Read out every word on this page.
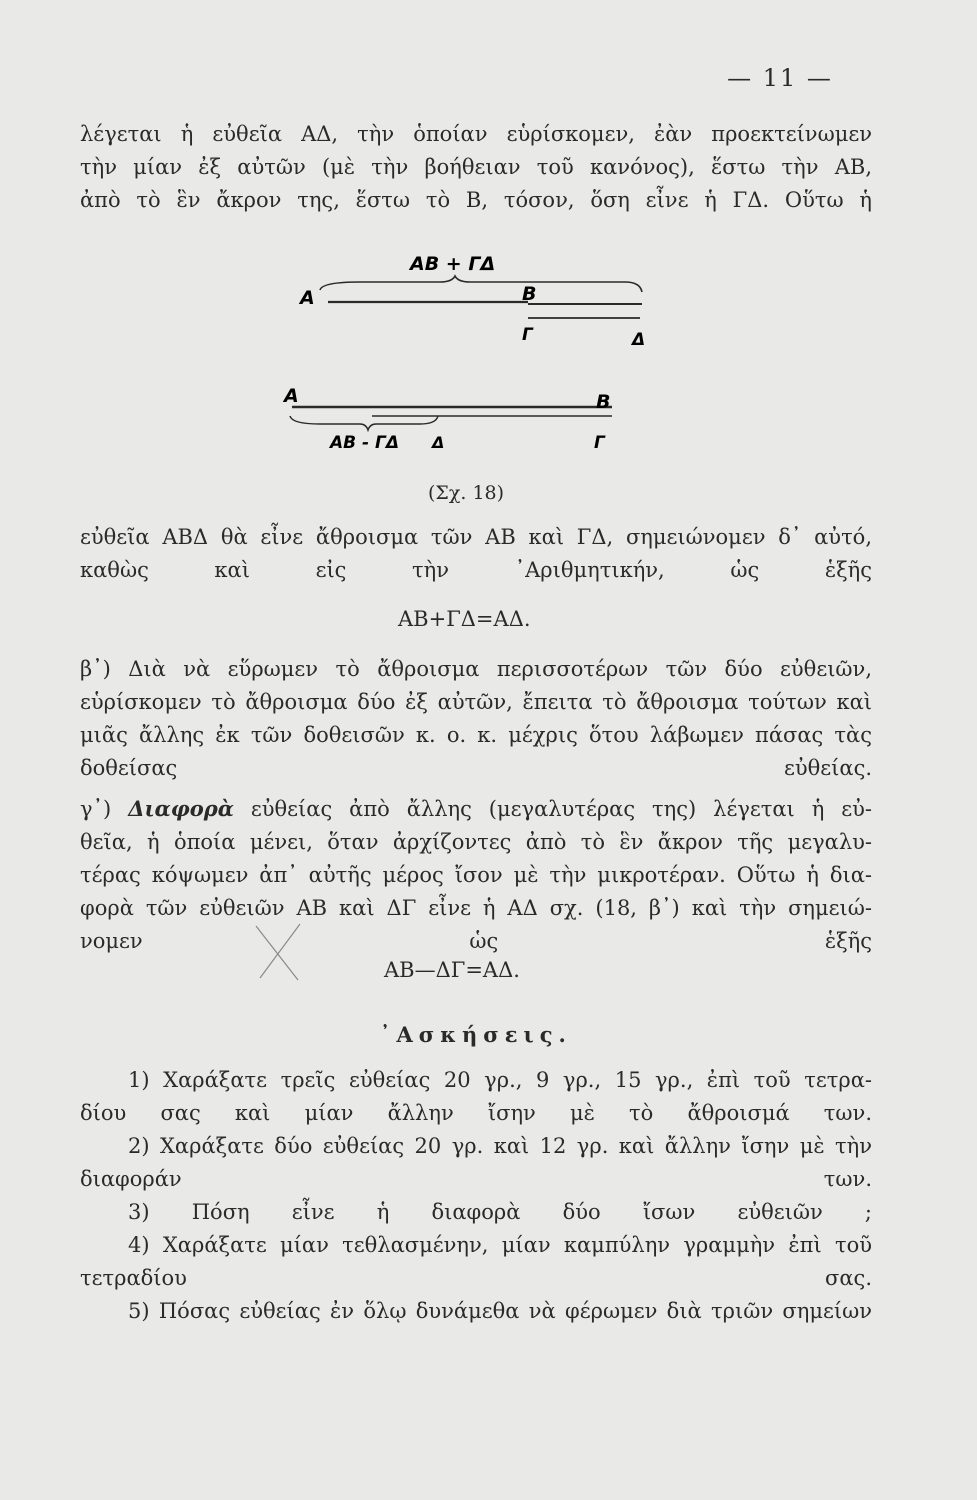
— 11 —
λέγεται ἡ εὐθεῖα ΑΔ, τὴν ὁποίαν εὑρίσκομεν, ἐὰν προεκτείνωμεν
τὴν μίαν ἐξ αὐτῶν (μὲ τὴν βοήθειαν τοῦ κανόνος), ἕστω τὴν ΑΒ,
ἀπὸ τὸ ἓν ἄκρον της, ἕστω τὸ Β, τόσον, ὅση εἶνε ἡ ΓΔ. Οὕτω ἡ
AB + ΓΔ
A	B
Γ	Δ
A	B
AB - ΓΔ Δ	Γ
(Σχ. 18)
εὐθεῖα ΑΒΔ θὰ εἶνε ἄθροισμα τῶν ΑΒ καὶ ΓΔ, σημειώνομεν δ᾽ αὐτό,
καθὼς καὶ εἰς τὴν ᾽Αριθμητικήν, ὡς ἑξῆς
ΑΒ+ΓΔ=ΑΔ.
β᾽) Διὰ νὰ εὕρωμεν τὸ ἄθροισμα περισσοτέρων τῶν δύο εὐθειῶν,
εὑρίσκομεν τὸ ἄθροισμα δύο ἐξ αὐτῶν, ἔπειτα τὸ ἄθροισμα τούτων καὶ
μιᾶς ἄλλης ἐκ τῶν δοθεισῶν κ. ο. κ. μέχρις ὅτου λάβωμεν πάσας τὰς
δοθείσας εὐθείας.
γ᾽) Διαφορὰ εὐθείας ἀπὸ ἄλλης (μεγαλυτέρας της) λέγεται ἡ εὐ-
θεῖα, ἡ ὁποία μένει, ὅταν ἀρχίζοντες ἀπὸ τὸ ἓν ἄκρον τῆς μεγαλυ-
τέρας κόψωμεν ἀπ᾽ αὐτῆς μέρος ἴσον μὲ τὴν μικροτέραν. Οὕτω ἡ δια-
φορὰ τῶν εὐθειῶν ΑΒ καὶ ΔΓ εἶνε ἡ ΑΔ σχ. (18, β᾽) καὶ τὴν σημειώ-
νομεν ὡς ἑξῆς
ΑΒ—ΔΓ=ΑΔ.
᾽Ασκήσεις.
1) Χαράξατε τρεῖς εὐθείας 20 γρ., 9 γρ., 15 γρ., ἐπὶ τοῦ τετρα-
δίου σας καὶ μίαν ἄλλην ἴσην μὲ τὸ ἄθροισμά των.
2) Χαράξατε δύο εὐθείας 20 γρ. καὶ 12 γρ. καὶ ἄλλην ἴσην μὲ τὴν
διαφοράν των.
3) Πόση εἶνε ἡ διαφορὰ δύο ἴσων εὐθειῶν ;
4) Χαράξατε μίαν τεθλασμένην, μίαν καμπύλην γραμμὴν ἐπὶ τοῦ
τετραδίου σας.
5) Πόσας εὐθείας ἐν ὅλῳ δυνάμεθα νὰ φέρωμεν διὰ τριῶν σημείων
